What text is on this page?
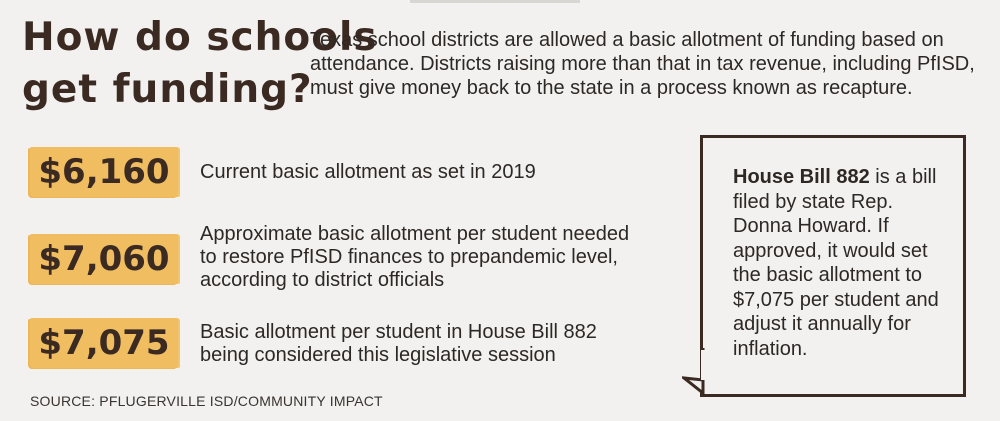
How do schools
get funding?
Texas school districts are allowed a basic allotment of funding based on attendance. Districts raising more than that in tax revenue, including PfISD, must give money back to the state in a process known as recapture.
$6,160	Current basic allotment as set in 2019
$7,060
Approximate basic allotment per student needed to restore PfISD finances to prepandemic level, according to district officials
$7,075	Basic allotment per student in House Bill 882 being considered this legislative session
House Bill 882 is a bill filed by state Rep. Donna Howard. If approved, it would set the basic allotment to $7,075 per student and adjust it annually for inflation.
SOURCE: PFLUGERVILLE ISD/COMMUNITY IMPACT
